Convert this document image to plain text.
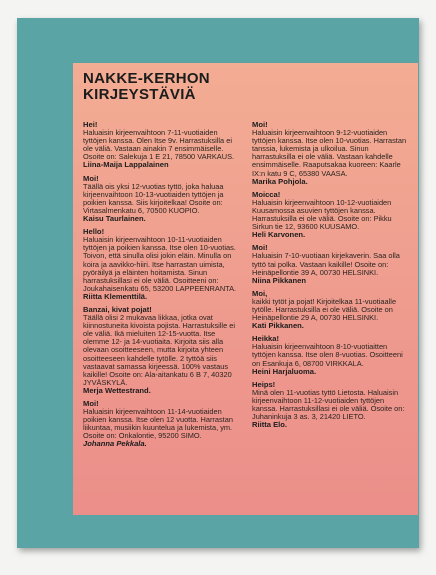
NAKKE-KERHON
KIRJEYSTÄVIÄ

Hei!

Haluaisin kirjeenvaihtoon 7-11-vuotiaiden tyttöjen kanssa. Olen Itse 9v. Harrastuksilla ei ole väliä. Vastaan ainakin 7 ensimmäiselle. Osoite on: Salekuja 1 E 21, 78500 VARKAUS.

Liina-Maija Lappalainen

Moi!

Täällä ois yksi 12-vuotias tyttö, joka haluaa kirjeenvaihtoon 10-13-vuotiaiden tyttöjen ja poikien kanssa. Siis kirjoitelkaa! Osoite on: Virtasalmenkatu 6, 70500 KUOPIO.

Kaisu Taurlainen.

Hello!

Haluaisin kirjeenvaihtoon 10-11-vuotiaiden tyttöjen ja poikien kanssa. Itse olen 10-vuotias. Toivon, että sinulla olisi jokin eläin. Minulla on koira ja aavikko-hiiri. Itse harrastan uimista, pyöräilyä ja eläinten hoitamista. Sinun harrastuksillasi ei ole väliä. Osoitteeni on: Joukahaisenkatu 65, 53200 LAPPEENRANTA.

Riitta Klementtilä.

Banzai, kivat pojat!

Täällä olisi 2 mukavaa likkaa, jotka ovat kiinnostuneita kivoista pojista. Harrastuksille ei ole väliä. Ikä mieluiten 12-15-vuotta. Itse olemme 12- ja 14-vuotiaita. Kirjoita siis alla olevaan osoitteeseen, mutta kirjoita yhteen osoitteeseen kahdelle tytölle. 2 tyttöä siis vastaavat samassa kirjeessä. 100% vastaus kaikille! Osoite on: Ala-aitankatu 6 B 7, 40320 JYVÄSKYLÄ.

Merja Wettestrand.

Moi!

Haluaisin kirjeenvaihtoon 11-14-vuotiaiden poikien kanssa. Itse olen 12 vuotta. Harrastan liikuntaa, musiikin kuuntelua ja lukemista, ym. Osoite on: Onkalontie, 95200 SIMO.

Johanna Pekkala.

Moi!

Haluaisin kirjeenvaihtoon 9-12-vuotiaiden tyttöjen kanssa. Itse olen 10-vuotias. Harrastan tanssia, lukemista ja ulkoilua. Sinun harrastuksilla ei ole väliä. Vastaan kahdelle ensimmäiselle. Raaputsakaa kuoreen: Kaarle IX:n katu 9 C, 65380 VAASA.

Marika Pohjola.

Moicca!

Haluaisin kirjeenvaihtoon 10-12-vuotiaiden Kuusamossa asuvien tyttöjen kanssa. Harrastuksilla ei ole väliä. Osoite on: Pikku Sirkun tie 12, 93600 KUUSAMO.

Heli Karvonen.

Moi!

Haluaisin 7-10-vuotiaan kirjekaverin. Saa olla tyttö tai polka. Vastaan kaikille! Osoite on: Heinäpellontie 39 A, 00730 HELSINKI.

Niina Pikkanen

Moi,

kaikki tytöt ja pojat! Kirjoitelkaa 11-vuotiaalle tytölle. Harrastuksilla ei ole väliä. Osoite on Heinäpellontie 29 A, 00730 HELSINKI.

Kati Pikkanen.

Heikka!

Haluaisin kirjeenvaihtoon 8-10-vuotiaitten tyttöjen kanssa. Itse olen 8-vuotias. Osoitteeni on Esankuja 6, 08700 VIRKKALA.

Heini Harjaluoma.

Heips!

Minä olen 11-vuotias tyttö Lietosta. Haluaisin kirjeenvaihtoon 11-12-vuotiaiden tyttöjen kanssa. Harrastuksillasi ei ole väliä. Osoite on: Juhaninkuja 3 as. 3, 21420 LIETO.

Riitta Elo.
